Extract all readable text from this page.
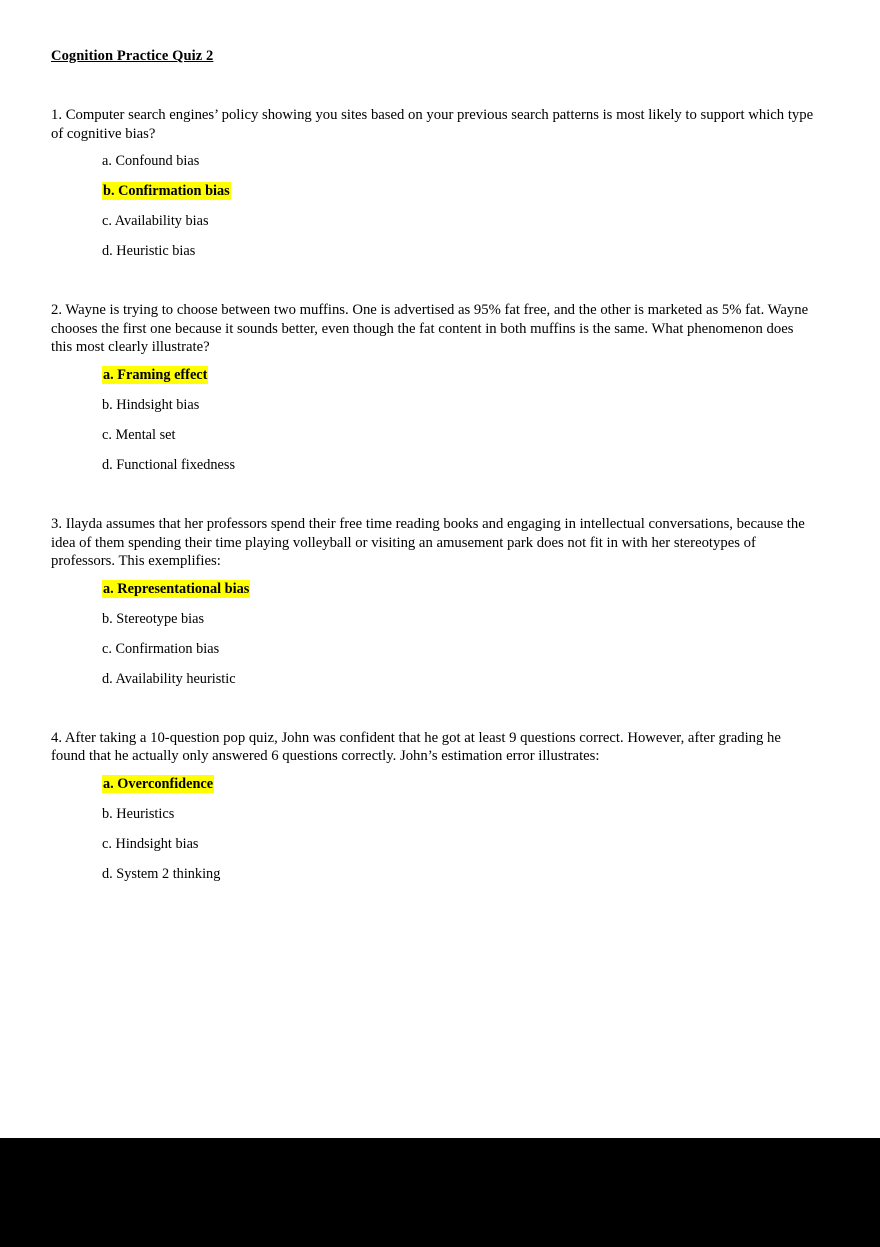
Cognition Practice Quiz 2
1. Computer search engines’ policy showing you sites based on your previous search patterns is most likely to support which type of cognitive bias?
a. Confound bias
b. Confirmation bias
c. Availability bias
d. Heuristic bias
2. Wayne is trying to choose between two muffins. One is advertised as 95% fat free, and the other is marketed as 5% fat. Wayne chooses the first one because it sounds better, even though the fat content in both muffins is the same. What phenomenon does this most clearly illustrate?
a. Framing effect
b. Hindsight bias
c. Mental set
d. Functional fixedness
3. Ilayda assumes that her professors spend their free time reading books and engaging in intellectual conversations, because the idea of them spending their time playing volleyball or visiting an amusement park does not fit in with her stereotypes of professors. This exemplifies:
a. Representational bias
b. Stereotype bias
c. Confirmation bias
d. Availability heuristic
4. After taking a 10-question pop quiz, John was confident that he got at least 9 questions correct. However, after grading he found that he actually only answered 6 questions correctly. John’s estimation error illustrates:
a. Overconfidence
b. Heuristics
c. Hindsight bias
d. System 2 thinking
